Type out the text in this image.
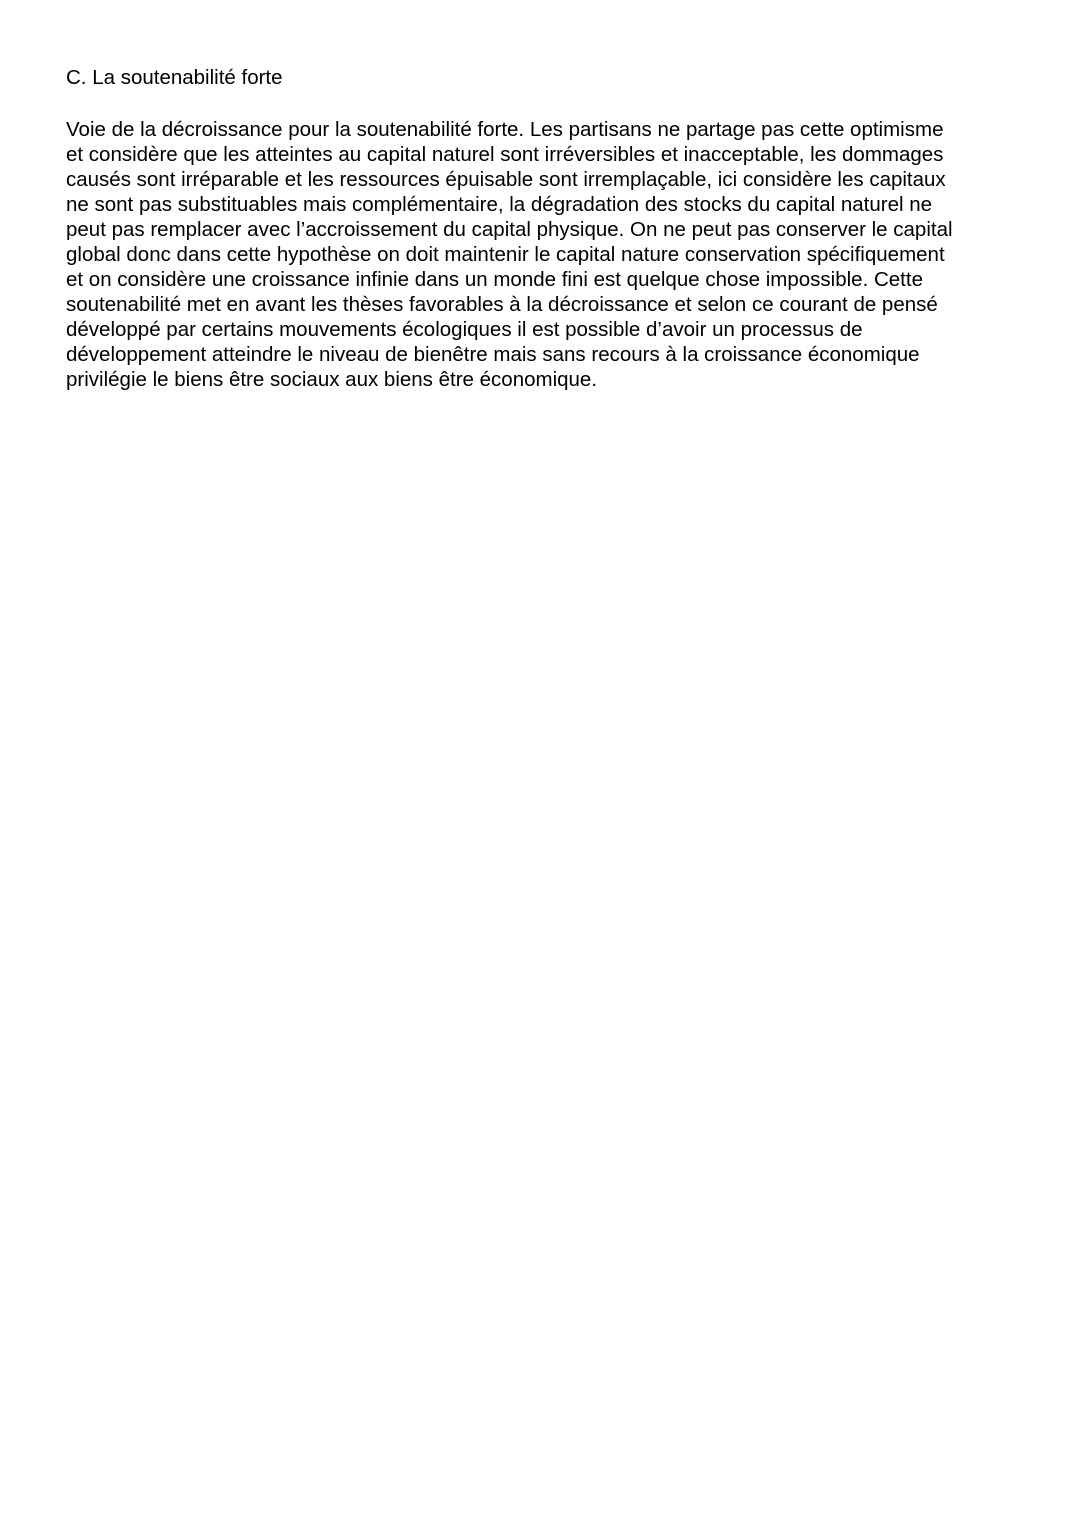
C. La soutenabilité forte

Voie de la décroissance pour la soutenabilité forte. Les partisans ne partage pas cette optimisme
et considère que les atteintes au capital naturel sont irréversibles et inacceptable, les dommages
causés sont irréparable et les ressources épuisable sont irremplaçable, ici considère les capitaux
ne sont pas substituables mais complémentaire, la dégradation des stocks du capital naturel ne
peut pas remplacer avec l’accroissement du capital physique. On ne peut pas conserver le capital
global donc dans cette hypothèse on doit maintenir le capital nature conservation spécifiquement
et on considère une croissance infinie dans un monde fini est quelque chose impossible. Cette
soutenabilité met en avant les thèses favorables à la décroissance et selon ce courant de pensé
développé par certains mouvements écologiques il est possible d’avoir un processus de
développement atteindre le niveau de bienêtre mais sans recours à la croissance économique
privilégie le biens être sociaux aux biens être économique.
